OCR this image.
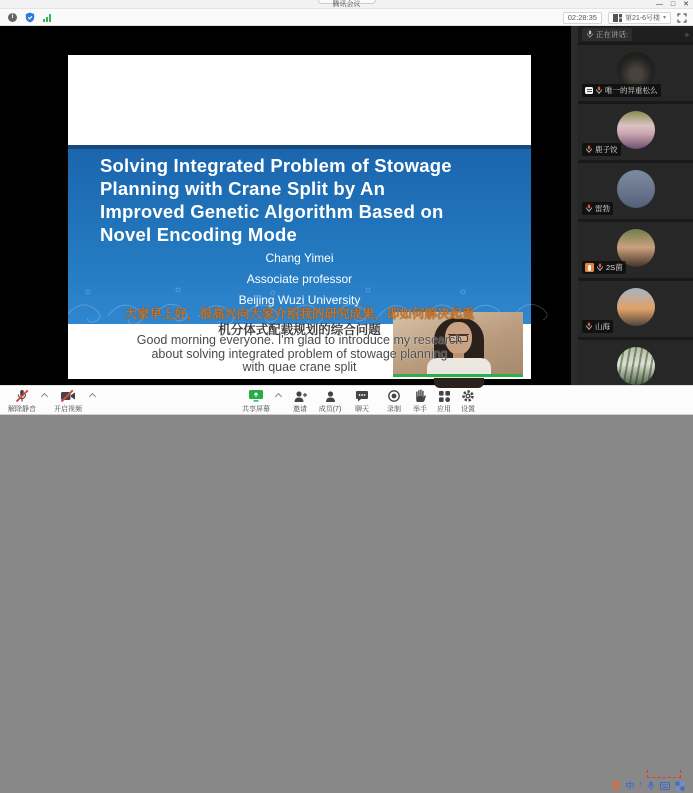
腾讯会议	— □ ✕
i	02:28:35	第21-6号楼 ▾
Solving Integrated Problem of Stowage
Planning with Crane Split by An
Improved Genetic Algorithm Based on
Novel Encoding Mode
Chang Yimei
Associate professor
Beijing Wuzi University
大家早上好，很高兴向大家介绍我的研究成果，即如何解决起重
机分体式配载规划的综合问题
Good morning everyone. I'm glad to introduce my research
about solving integrated problem of stowage planning
with quae crane split
正在讲话:	»
唯一的异重松么
鹿子饺
雷勃
2S菌
山海
解除静音	开启视频	共享屏幕	邀请 成员(7) 聊天	录制 举手 应用 设置
S 中 ’
